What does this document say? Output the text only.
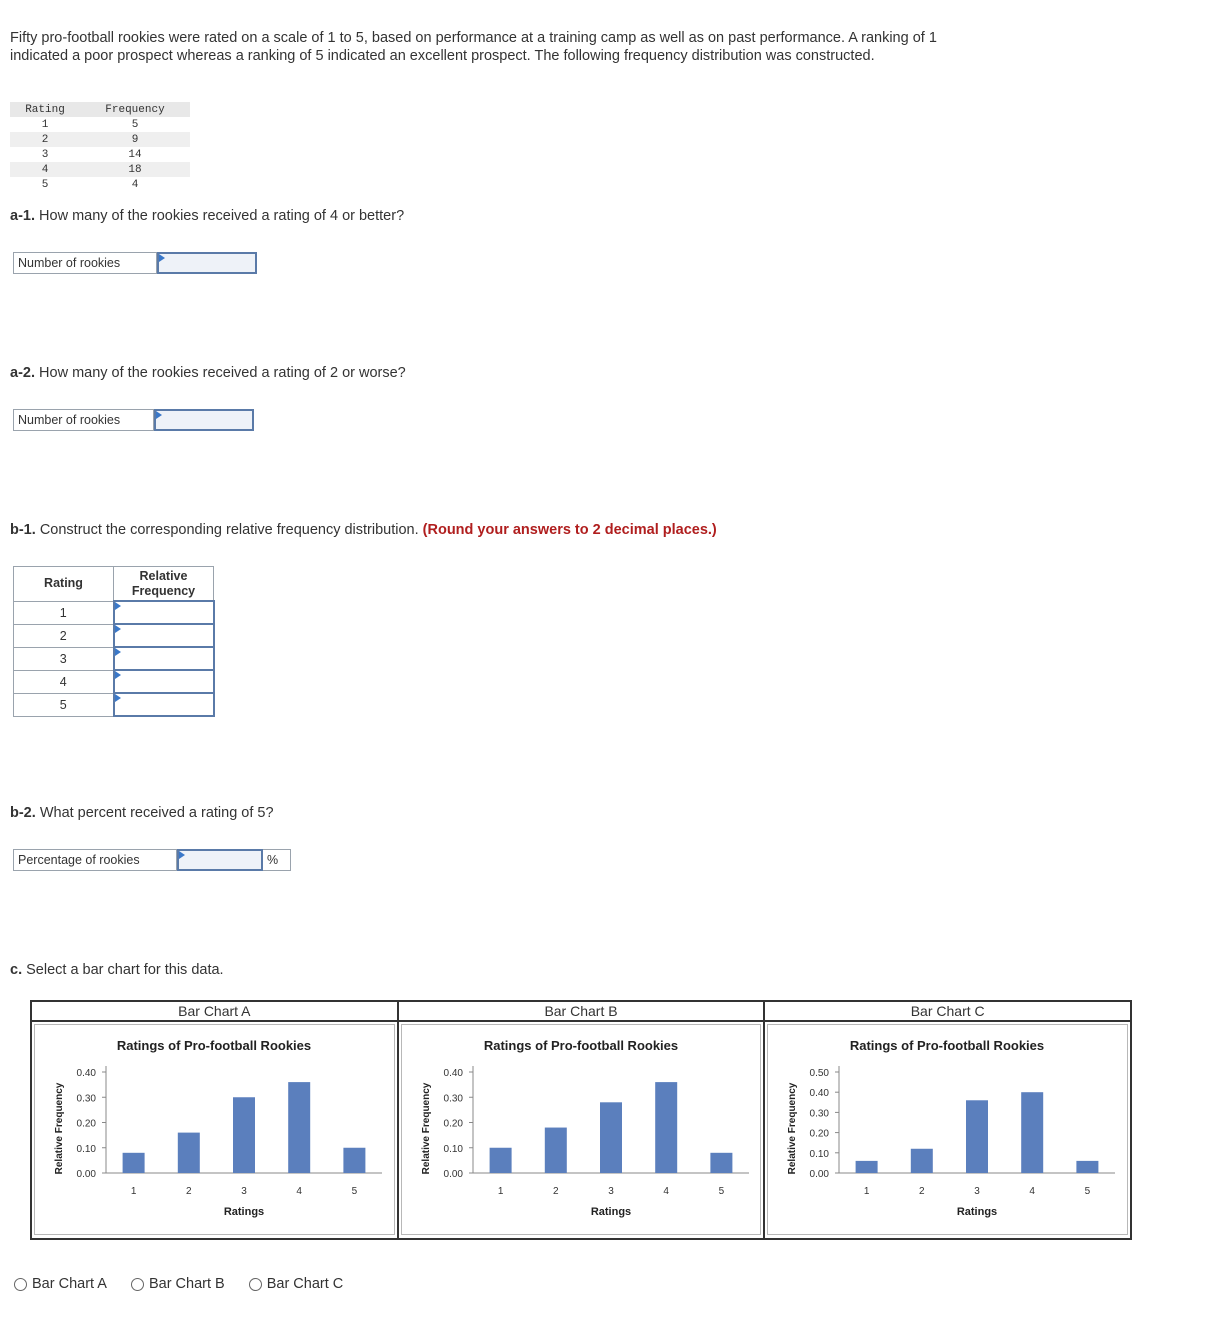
Fifty pro-football rookies were rated on a scale of 1 to 5, based on performance at a training camp as well as on past performance. A ranking of 1 indicated a poor prospect whereas a ranking of 5 indicated an excellent prospect. The following frequency distribution was constructed.
Rating	Frequency
1	5
2	9
3	14
4	18
5	4
a-1. How many of the rookies received a rating of 4 or better?
Number of rookies
a-2. How many of the rookies received a rating of 2 or worse?
Number of rookies
b-1. Construct the corresponding relative frequency distribution. (Round your answers to 2 decimal places.)
Rating	Relative
Frequency
1	

2	

3	

4	

5	
b-2. What percent received a rating of 5?
Percentage of rookies	%
c. Select a bar chart for this data.
Bar Chart A
Ratings of Pro-football Rookies
Relative Frequency
0.00
0.10
0.20
0.30
0.40
1	2	3	4	5
Ratings
Bar Chart B
Ratings of Pro-football Rookies
Relative Frequency
0.00
0.10
0.20
0.30
0.40
1	2	3	4	5
Ratings
Bar Chart C
Ratings of Pro-football Rookies
Relative Frequency
0.00
0.10
0.20
0.30
0.40
0.50
1	2	3	4	5
Ratings
Bar Chart A	Bar Chart B	Bar Chart C
